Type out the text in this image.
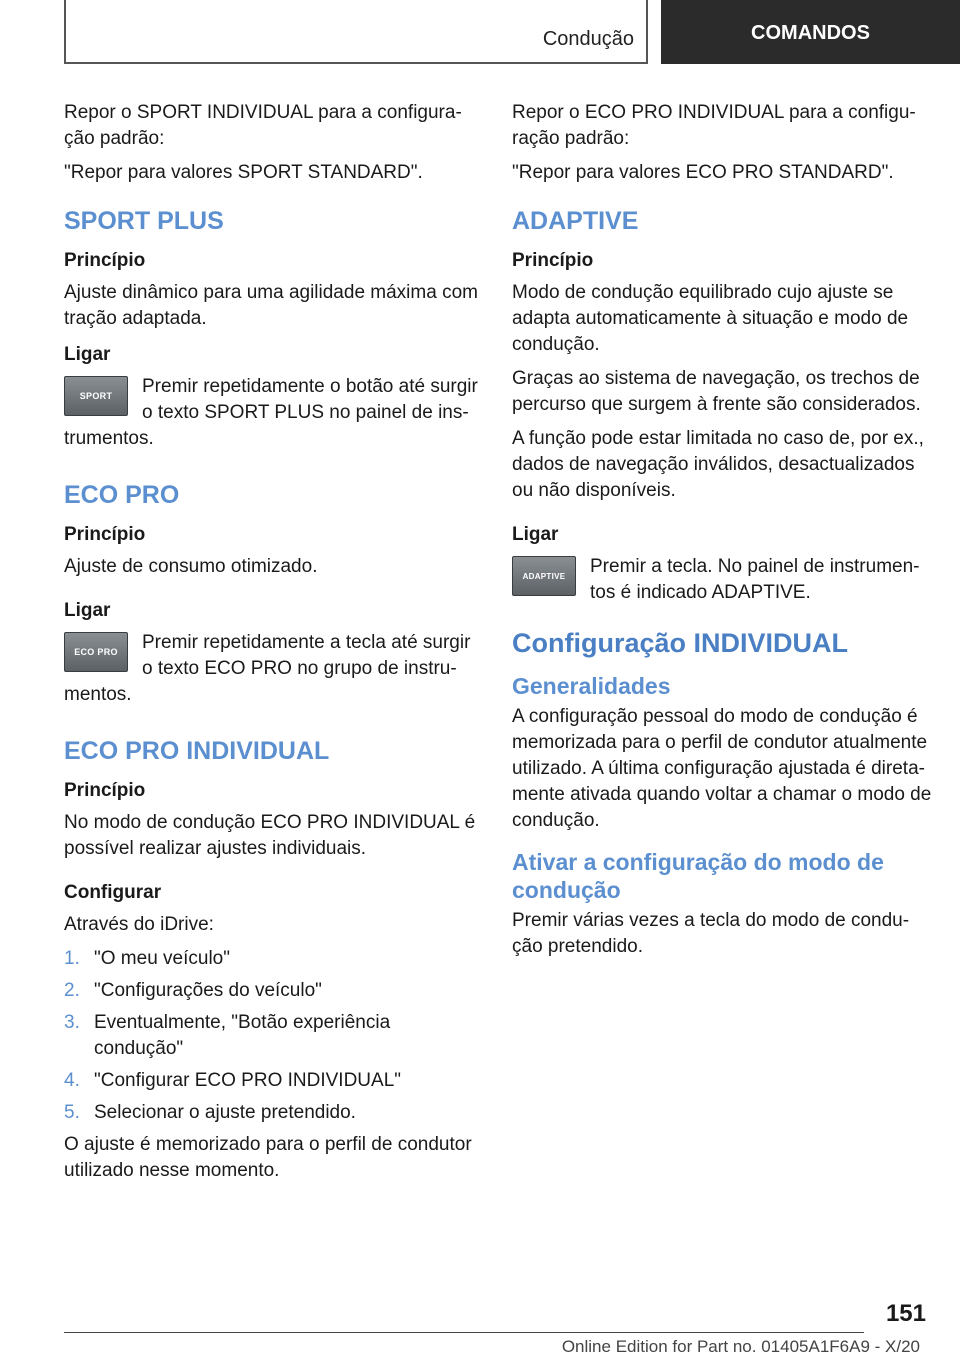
Condução	COMANDOS

Repor o SPORT INDIVIDUAL para a configura-ção padrão:

"Repor para valores SPORT STANDARD".

SPORT PLUS
Princípio

Ajuste dinâmico para uma agilidade máxima com tração adaptada.

Ligar
SPORT	Premir repetidamente o botão até surgir o texto SPORT PLUS no painel de ins-trumentos.

ECO PRO
Princípio

Ajuste de consumo otimizado.

Ligar
ECO PRO	Premir repetidamente a tecla até surgir o texto ECO PRO no grupo de instru-mentos.

ECO PRO INDIVIDUAL
Princípio

No modo de condução ECO PRO INDIVIDUAL é possível realizar ajustes individuais.

Configurar

Através do iDrive:

1. "O meu veículo"
2. "Configurações do veículo"
3. Eventualmente, "Botão experiência condução"
4. "Configurar ECO PRO INDIVIDUAL"
5. Selecionar o ajuste pretendido.

O ajuste é memorizado para o perfil de condutor utilizado nesse momento.

Repor o ECO PRO INDIVIDUAL para a configu-ração padrão:

"Repor para valores ECO PRO STANDARD".

ADAPTIVE
Princípio

Modo de condução equilibrado cujo ajuste se adapta automaticamente à situação e modo de condução.

Graças ao sistema de navegação, os trechos de percurso que surgem à frente são considerados.

A função pode estar limitada no caso de, por ex., dados de navegação inválidos, desactualizados ou não disponíveis.

Ligar
ADAPTIVE	Premir a tecla. No painel de instrumen-tos é indicado ADAPTIVE.

Configuração INDIVIDUAL
Generalidades

A configuração pessoal do modo de condução é memorizada para o perfil de condutor atualmente utilizado. A última configuração ajustada é direta-mente ativada quando voltar a chamar o modo de condução.

Ativar a configuração do modo de condução

Premir várias vezes a tecla do modo de condu-ção pretendido.

151
Online Edition for Part no. 01405A1F6A9 - X/20
